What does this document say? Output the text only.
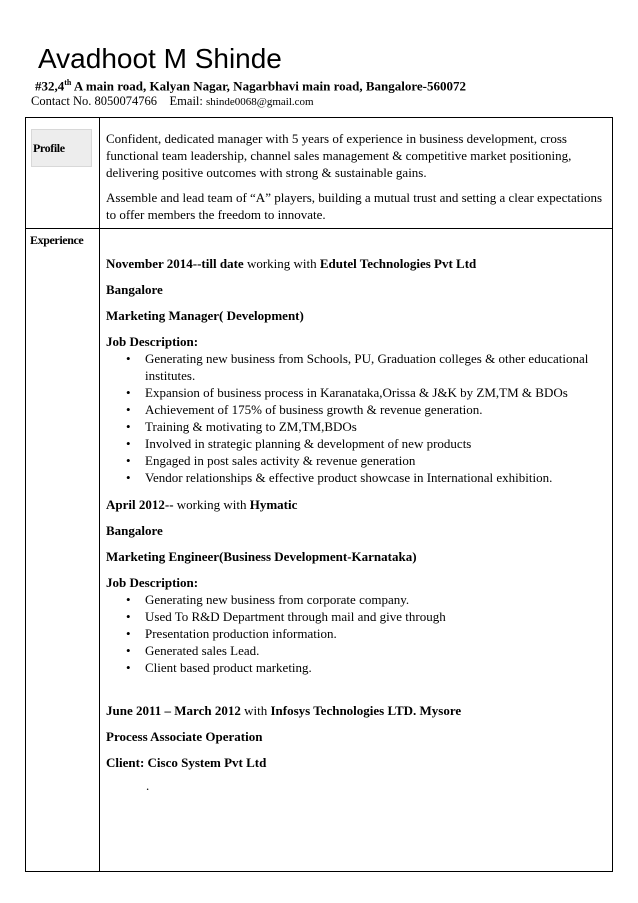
Avadhoot M Shinde
#32,4th A main road, Kalyan Nagar, Nagarbhavi main road, Bangalore-560072
Contact No. 8050074766 Email: shinde0068@gmail.com
Profile

Confident, dedicated manager with 5 years of experience in business development, cross functional team leadership, channel sales management & competitive market positioning, delivering positive outcomes with strong & sustainable gains.

Assemble and lead team of “A” players, building a mutual trust and setting a clear expectations to offer members the freedom to innovate.

Experience

November 2014--till date working with Edutel Technologies Pvt Ltd

Bangalore

Marketing Manager( Development)

Job Description:

• Generating new business from Schools, PU, Graduation colleges & other educational institutes.
• Expansion of business process in Karanataka,Orissa & J&K by ZM,TM & BDOs
• Achievement of 175% of business growth & revenue generation.
• Training & motivating to ZM,TM,BDOs
• Involved in strategic planning & development of new products
• Engaged in post sales activity & revenue generation
• Vendor relationships & effective product showcase in International exhibition.

April 2012-- working with Hymatic

Bangalore

Marketing Engineer(Business Development-Karnataka)

Job Description:

• Generating new business from corporate company.
• Used To R&D Department through mail and give through
• Presentation production information.
• Generated sales Lead.
• Client based product marketing.

June 2011 – March 2012 with Infosys Technologies LTD. Mysore

Process Associate Operation

Client: Cisco System Pvt Ltd

.
